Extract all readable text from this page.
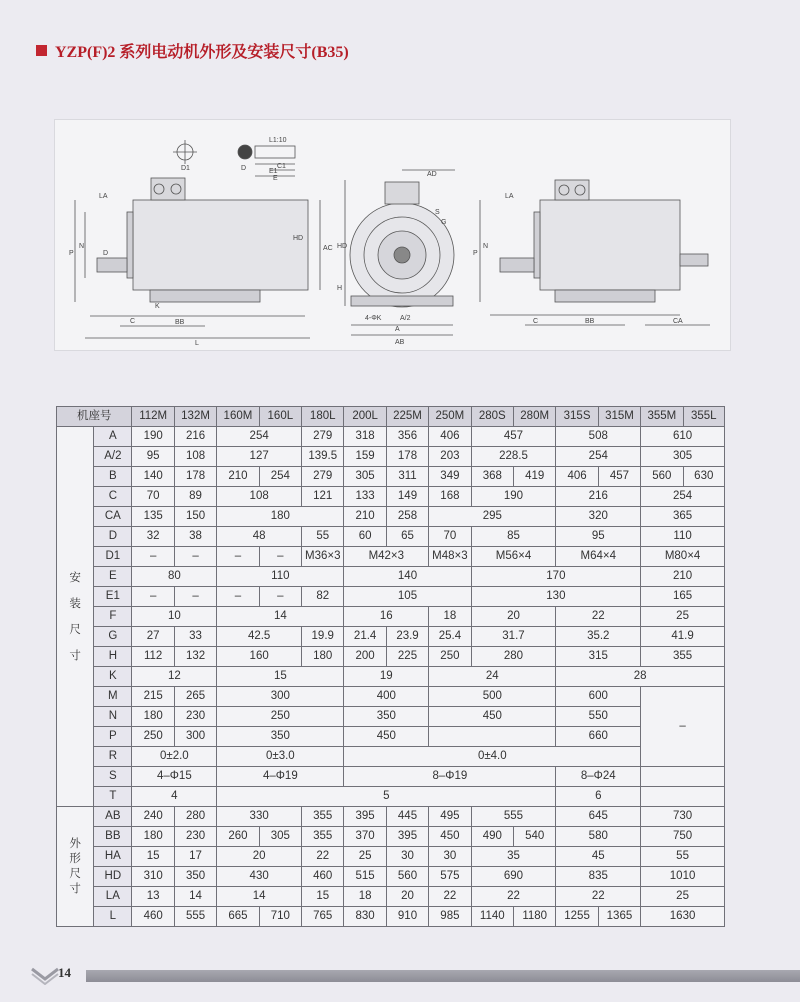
YZP(F)2 系列电动机外形及安装尺寸(B35)
L1:10
E1
D1	C1
E
D
LA
P
N
C	BB
L
K
D
HD
AC
AD
HD
H
4-ΦK	A/2
A
AB
S
G
LA
P
N
C	BB	CA
机座号		112M	132M	160M	160L	180L	200L	225M	250M	280S	280M	315S	315M	355M	355L

安
装
尺
寸	A	190	216	254		279	318	356	406	457		508		610	
	A/2	95	108	127		139.5	159	178	203	228.5		254		305	
	B	140	178	210	254	279	305	311	349	368	419	406	457	560	630
	C	70	89	108		121	133	149	168	190		216		254	
	CA	135	150	180			210	258	295			320		365	
	D	32	38	48		55	60	65	70	85		95		110	
	D1	–	–	–	–	M36×3	M42×3		M48×3	M56×4		M64×4		M80×4	
	E	80		110			140			170				210	
	E1	–	–	–	–	82	105			130				165	
	F	10		14			16		18	20		22		25	
	G	27	33	42.5		19.9	21.4	23.9	25.4	31.7		35.2		41.9	
	H	112	132	160		180	200	225	250	280		315		355	
	K	12		15			19		24			28			
	M	215	265	300			400		500			600		–	
	N	180	230	250			350		450			550			
	P	250	300	350			450					660			
	R	0±2.0		0±3.0			0±4.0								
	S	4–Φ15		4–Φ19			8–Φ19					8–Φ24			
	T	4		5								6			

外
形
尺
寸	AB	240	280	330		355	395	445	495	555		645		730	
	BB	180	230	260	305	355	370	395	450	490	540	580		750	
	HA	15	17	20		22	25	30	30	35		45		55	
	HD	310	350	430		460	515	560	575	690		835		1010	
	LA	13	14	14		15	18	20	22	22		22		25	
	L	460	555	665	710	765	830	910	985	1140	1180	1255	1365	1630	
14
